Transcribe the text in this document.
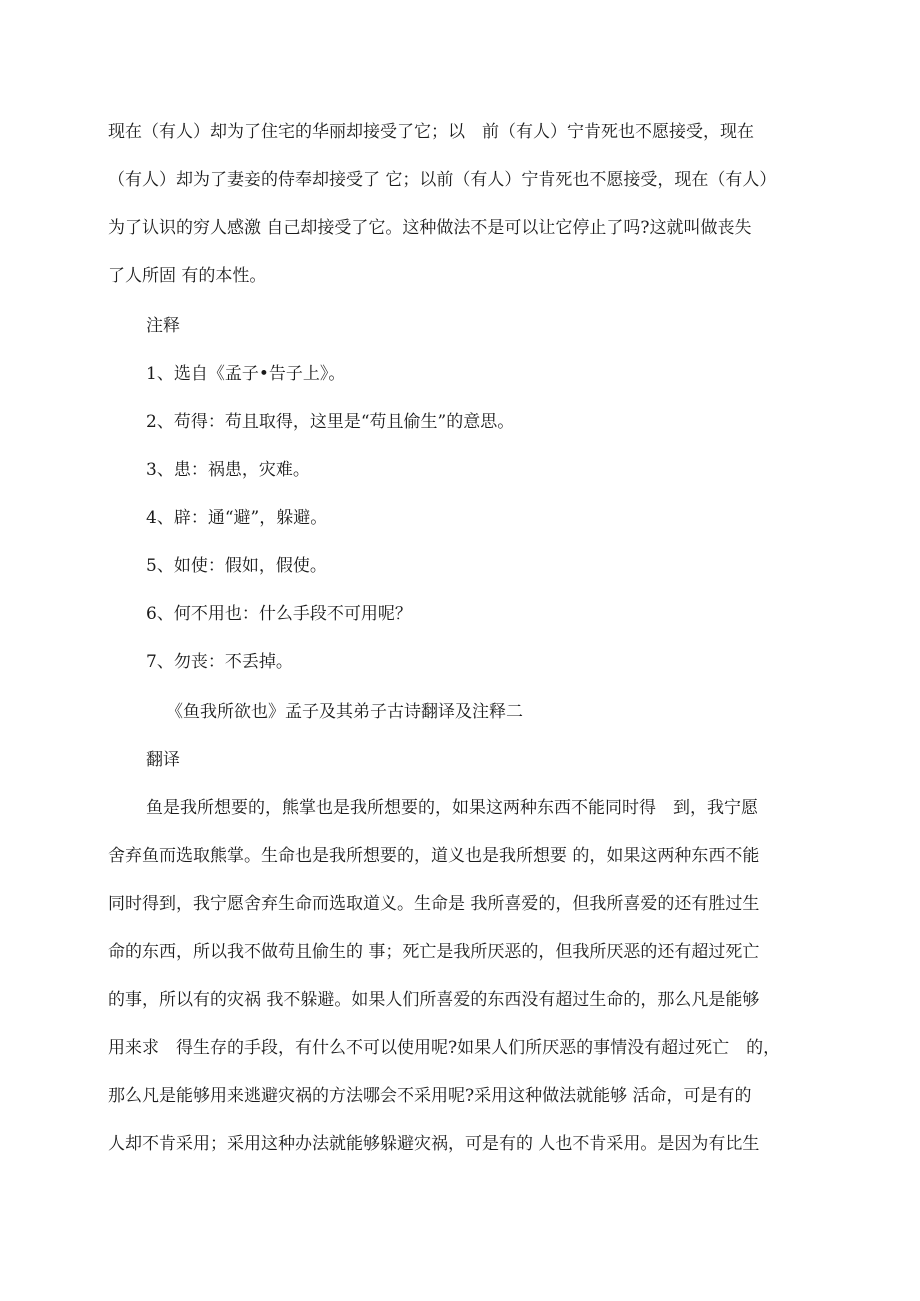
现在（有人）却为了住宅的华丽却接受了它；以　前（有人）宁肯死也不愿接受，现在
（有人）却为了妻妾的侍奉却接受了 它；以前（有人）宁肯死也不愿接受，现在（有人）
为了认识的穷人感激 自己却接受了它。这种做法不是可以让它停止了吗?这就叫做丧失
了人所固 有的本性。
注释
1、选自《孟子•告子上》。
2、苟得：苟且取得，这里是“苟且偷生”的意思。
3、患：祸患，灾难。
4、辟：通“避”，躲避。
5、如使：假如，假使。
6、何不用也：什么手段不可用呢？
7、勿丧：不丢掉。
《鱼我所欲也》孟子及其弟子古诗翻译及注释二
翻译
鱼是我所想要的，熊掌也是我所想要的，如果这两种东西不能同时得　到，我宁愿
舍弃鱼而选取熊掌。生命也是我所想要的，道义也是我所想要 的，如果这两种东西不能
同时得到，我宁愿舍弃生命而选取道义。生命是 我所喜爱的，但我所喜爱的还有胜过生
命的东西，所以我不做苟且偷生的 事；死亡是我所厌恶的，但我所厌恶的还有超过死亡
的事，所以有的灾祸 我不躲避。如果人们所喜爱的东西没有超过生命的，那么凡是能够
用来求　得生存的手段，有什么不可以使用呢?如果人们所厌恶的事情没有超过死亡　的，
那么凡是能够用来逃避灾祸的方法哪会不采用呢?采用这种做法就能够 活命，可是有的
人却不肯采用；采用这种办法就能够躲避灾祸，可是有的 人也不肯采用。是因为有比生
